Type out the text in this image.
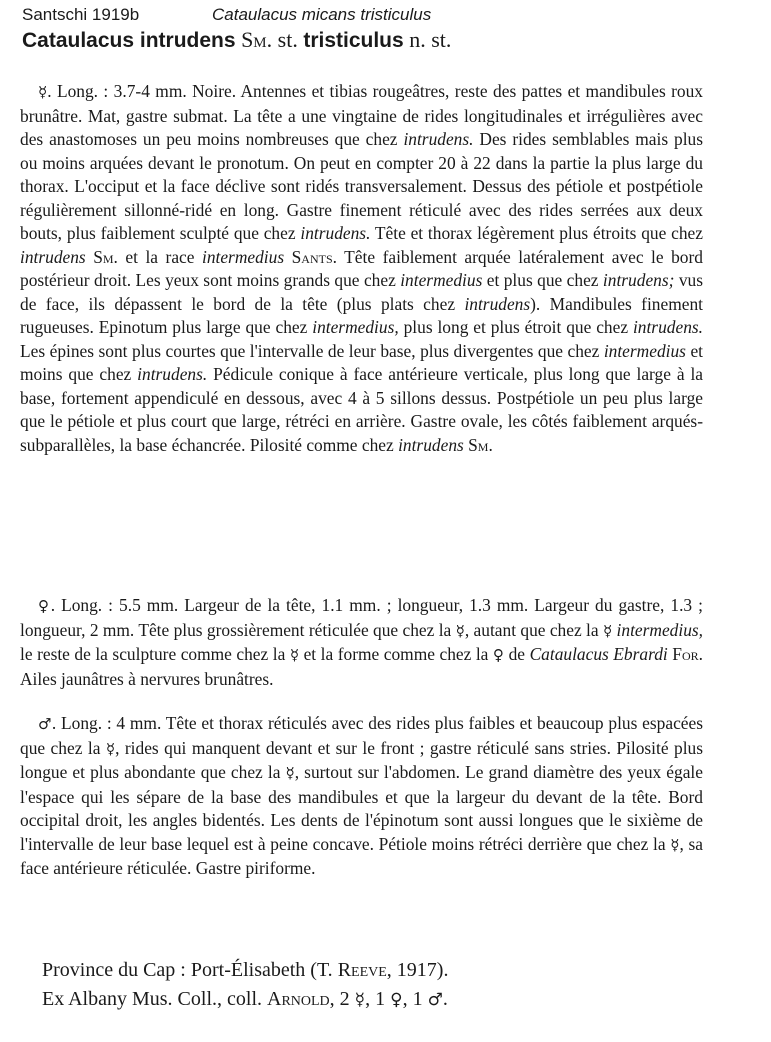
Santschi 1919b	Cataulacus micans tristiculus
Cataulacus intrudens Sm. st. tristiculus n. st.

☿. Long. : 3.7-4 mm. Noire. Antennes et tibias rougeâtres, reste des pattes et mandibules roux brunâtre. Mat, gastre submat. La tête a une vingtaine de rides longitudinales et irrégulières avec des anastomoses un peu moins nombreuses que chez intrudens. Des rides semblables mais plus ou moins arquées devant le pronotum. On peut en compter 20 à 22 dans la partie la plus large du thorax. L'occiput et la face déclive sont ridés transversalement. Dessus des pétiole et postpétiole régulièrement sillonné-ridé en long. Gastre finement réticulé avec des rides serrées aux deux bouts, plus faiblement sculpté que chez intrudens. Tête et thorax légèrement plus étroits que chez intrudens Sm. et la race intermedius Sants. Tête faiblement arquée latéralement avec le bord postérieur droit. Les yeux sont moins grands que chez intermedius et plus que chez intrudens; vus de face, ils dépassent le bord de la tête (plus plats chez intrudens). Mandibules finement rugueuses. Epinotum plus large que chez intermedius, plus long et plus étroit que chez intrudens. Les épines sont plus courtes que l'intervalle de leur base, plus divergentes que chez intermedius et moins que chez intrudens. Pédicule conique à face antérieure verticale, plus long que large à la base, fortement appendiculé en dessous, avec 4 à 5 sillons dessus. Postpétiole un peu plus large que le pétiole et plus court que large, rétréci en arrière. Gastre ovale, les côtés faiblement arqués-subparallèles, la base échancrée. Pilosité comme chez intrudens Sm.

♀. Long. : 5.5 mm. Largeur de la tête, 1.1 mm. ; longueur, 1.3 mm. Largeur du gastre, 1.3 ; longueur, 2 mm. Tête plus grossièrement réticulée que chez la ☿, autant que chez la ☿ intermedius, le reste de la sculpture comme chez la ☿ et la forme comme chez la ♀ de Cataulacus Ebrardi For. Ailes jaunâtres à nervures brunâtres.

♂. Long. : 4 mm. Tête et thorax réticulés avec des rides plus faibles et beaucoup plus espacées que chez la ☿, rides qui manquent devant et sur le front ; gastre réticulé sans stries. Pilosité plus longue et plus abondante que chez la ☿, surtout sur l'abdomen. Le grand diamètre des yeux égale l'espace qui les sépare de la base des mandibules et que la largeur du devant de la tête. Bord occipital droit, les angles bidentés. Les dents de l'épinotum sont aussi longues que le sixième de l'intervalle de leur base lequel est à peine concave. Pétiole moins rétréci derrière que chez la ☿, sa face antérieure réticulée. Gastre piriforme.

Province du Cap : Port-Élisabeth (T. Reeve, 1917).
Ex Albany Mus. Coll., coll. Arnold, 2 ☿, 1 ♀, 1 ♂.
